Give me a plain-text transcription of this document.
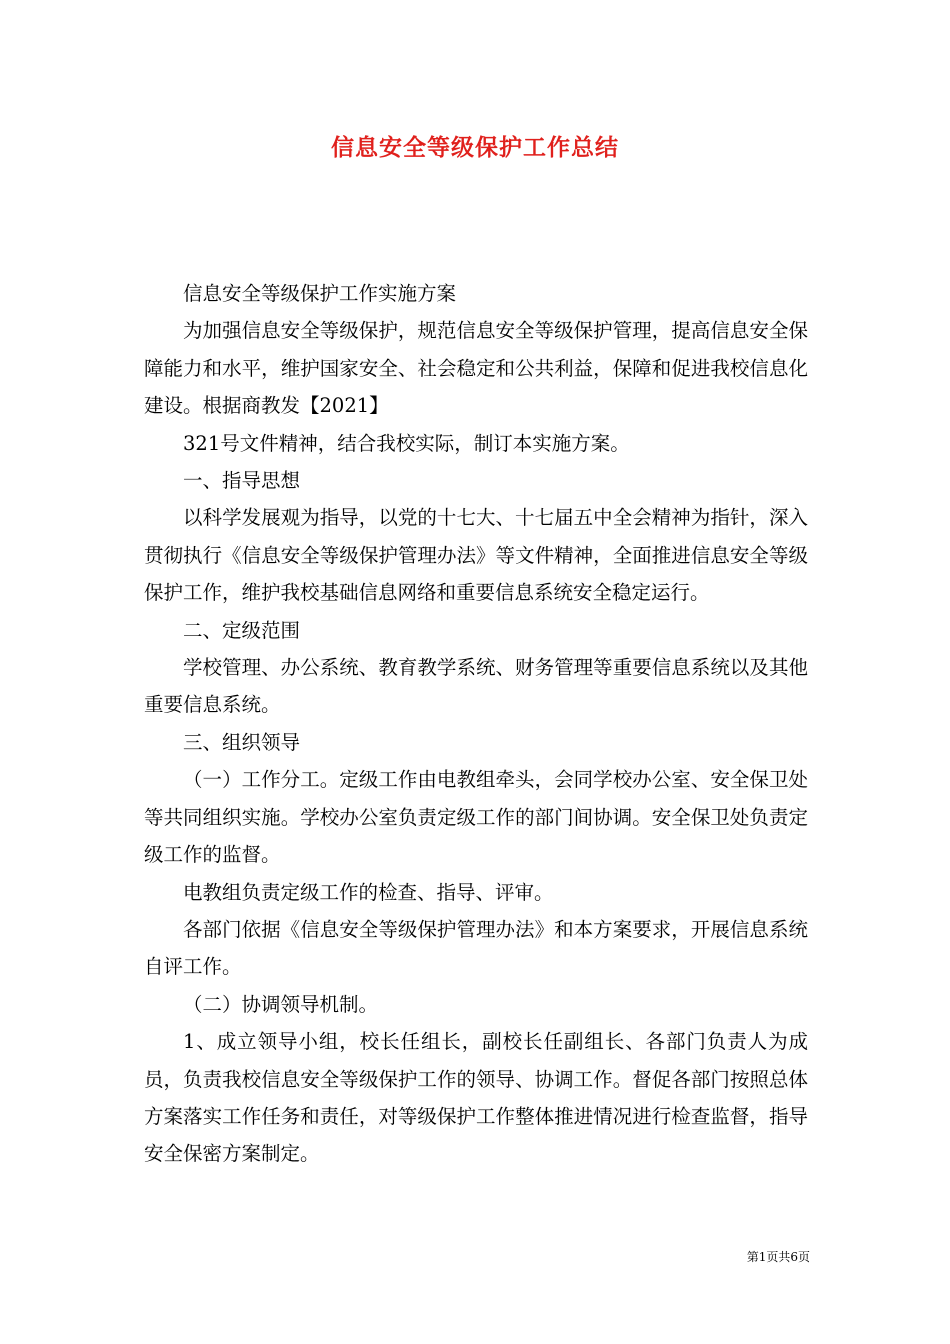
信息安全等级保护工作总结

信息安全等级保护工作实施方案

为加强信息安全等级保护，规范信息安全等级保护管理，提高信息安全保障能力和水平，维护国家安全、社会稳定和公共利益，保障和促进我校信息化建设。根据商教发【2021】

321号文件精神，结合我校实际，制订本实施方案。

一、指导思想

以科学发展观为指导，以党的十七大、十七届五中全会精神为指针，深入贯彻执行《信息安全等级保护管理办法》等文件精神，全面推进信息安全等级保护工作，维护我校基础信息网络和重要信息系统安全稳定运行。

二、定级范围

学校管理、办公系统、教育教学系统、财务管理等重要信息系统以及其他重要信息系统。

三、组织领导

（一）工作分工。定级工作由电教组牵头，会同学校办公室、安全保卫处等共同组织实施。学校办公室负责定级工作的部门间协调。安全保卫处负责定级工作的监督。

电教组负责定级工作的检查、指导、评审。

各部门依据《信息安全等级保护管理办法》和本方案要求，开展信息系统自评工作。

（二）协调领导机制。

1、成立领导小组，校长任组长，副校长任副组长、各部门负责人为成员，负责我校信息安全等级保护工作的领导、协调工作。督促各部门按照总体方案落实工作任务和责任，对等级保护工作整体推进情况进行检查监督，指导安全保密方案制定。

第1页共6页
